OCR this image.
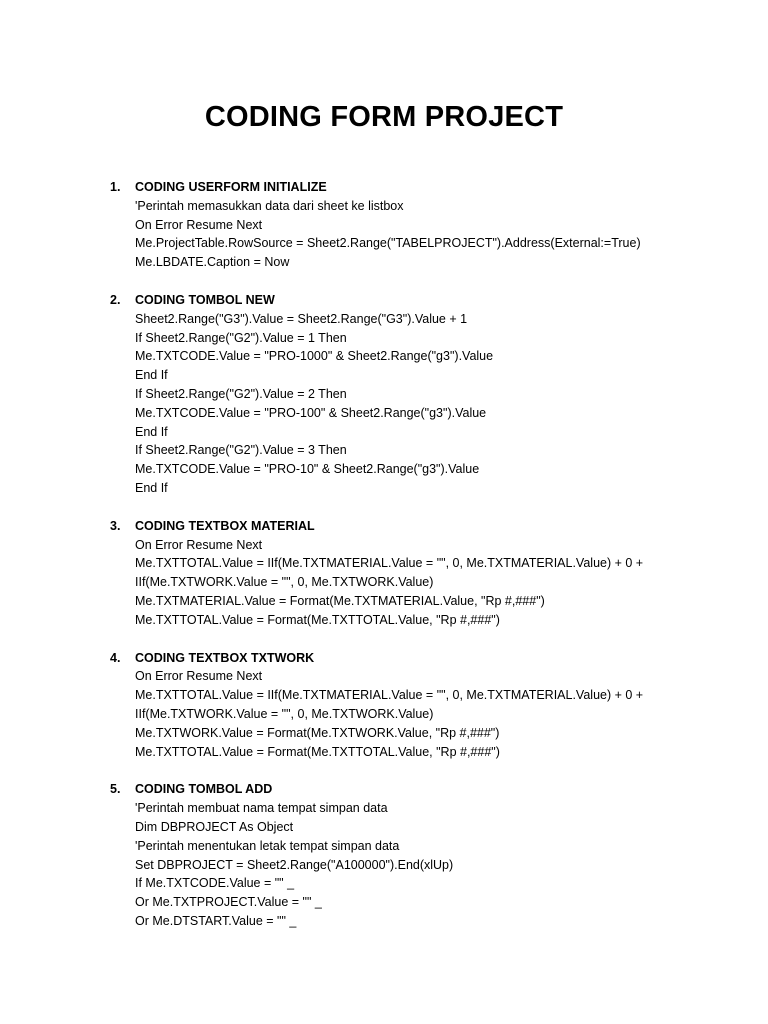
CODING FORM PROJECT
1. CODING USERFORM INITIALIZE
'Perintah memasukkan data dari sheet ke listbox
On Error Resume Next
Me.ProjectTable.RowSource = Sheet2.Range("TABELPROJECT").Address(External:=True)
Me.LBDATE.Caption = Now
2. CODING TOMBOL NEW
Sheet2.Range("G3").Value = Sheet2.Range("G3").Value + 1
If Sheet2.Range("G2").Value = 1 Then
Me.TXTCODE.Value = "PRO-1000" & Sheet2.Range("g3").Value
End If
If Sheet2.Range("G2").Value = 2 Then
Me.TXTCODE.Value = "PRO-100" & Sheet2.Range("g3").Value
End If
If Sheet2.Range("G2").Value = 3 Then
Me.TXTCODE.Value = "PRO-10" & Sheet2.Range("g3").Value
End If
3. CODING TEXTBOX MATERIAL
On Error Resume Next
Me.TXTTOTAL.Value = IIf(Me.TXTMATERIAL.Value = "", 0, Me.TXTMATERIAL.Value) + 0 +
IIf(Me.TXTWORK.Value = "", 0, Me.TXTWORK.Value)
Me.TXTMATERIAL.Value = Format(Me.TXTMATERIAL.Value, "Rp #,###")
Me.TXTTOTAL.Value = Format(Me.TXTTOTAL.Value, "Rp #,###")
4. CODING TEXTBOX TXTWORK
On Error Resume Next
Me.TXTTOTAL.Value = IIf(Me.TXTMATERIAL.Value = "", 0, Me.TXTMATERIAL.Value) + 0 +
IIf(Me.TXTWORK.Value = "", 0, Me.TXTWORK.Value)
Me.TXTWORK.Value = Format(Me.TXTWORK.Value, "Rp #,###")
Me.TXTTOTAL.Value = Format(Me.TXTTOTAL.Value, "Rp #,###")
5. CODING TOMBOL ADD
'Perintah membuat nama tempat simpan data
Dim DBPROJECT As Object
'Perintah menentukan letak tempat simpan data
Set DBPROJECT = Sheet2.Range("A100000").End(xlUp)
If Me.TXTCODE.Value = "" _
Or Me.TXTPROJECT.Value = "" _
Or Me.DTSTART.Value = "" _
